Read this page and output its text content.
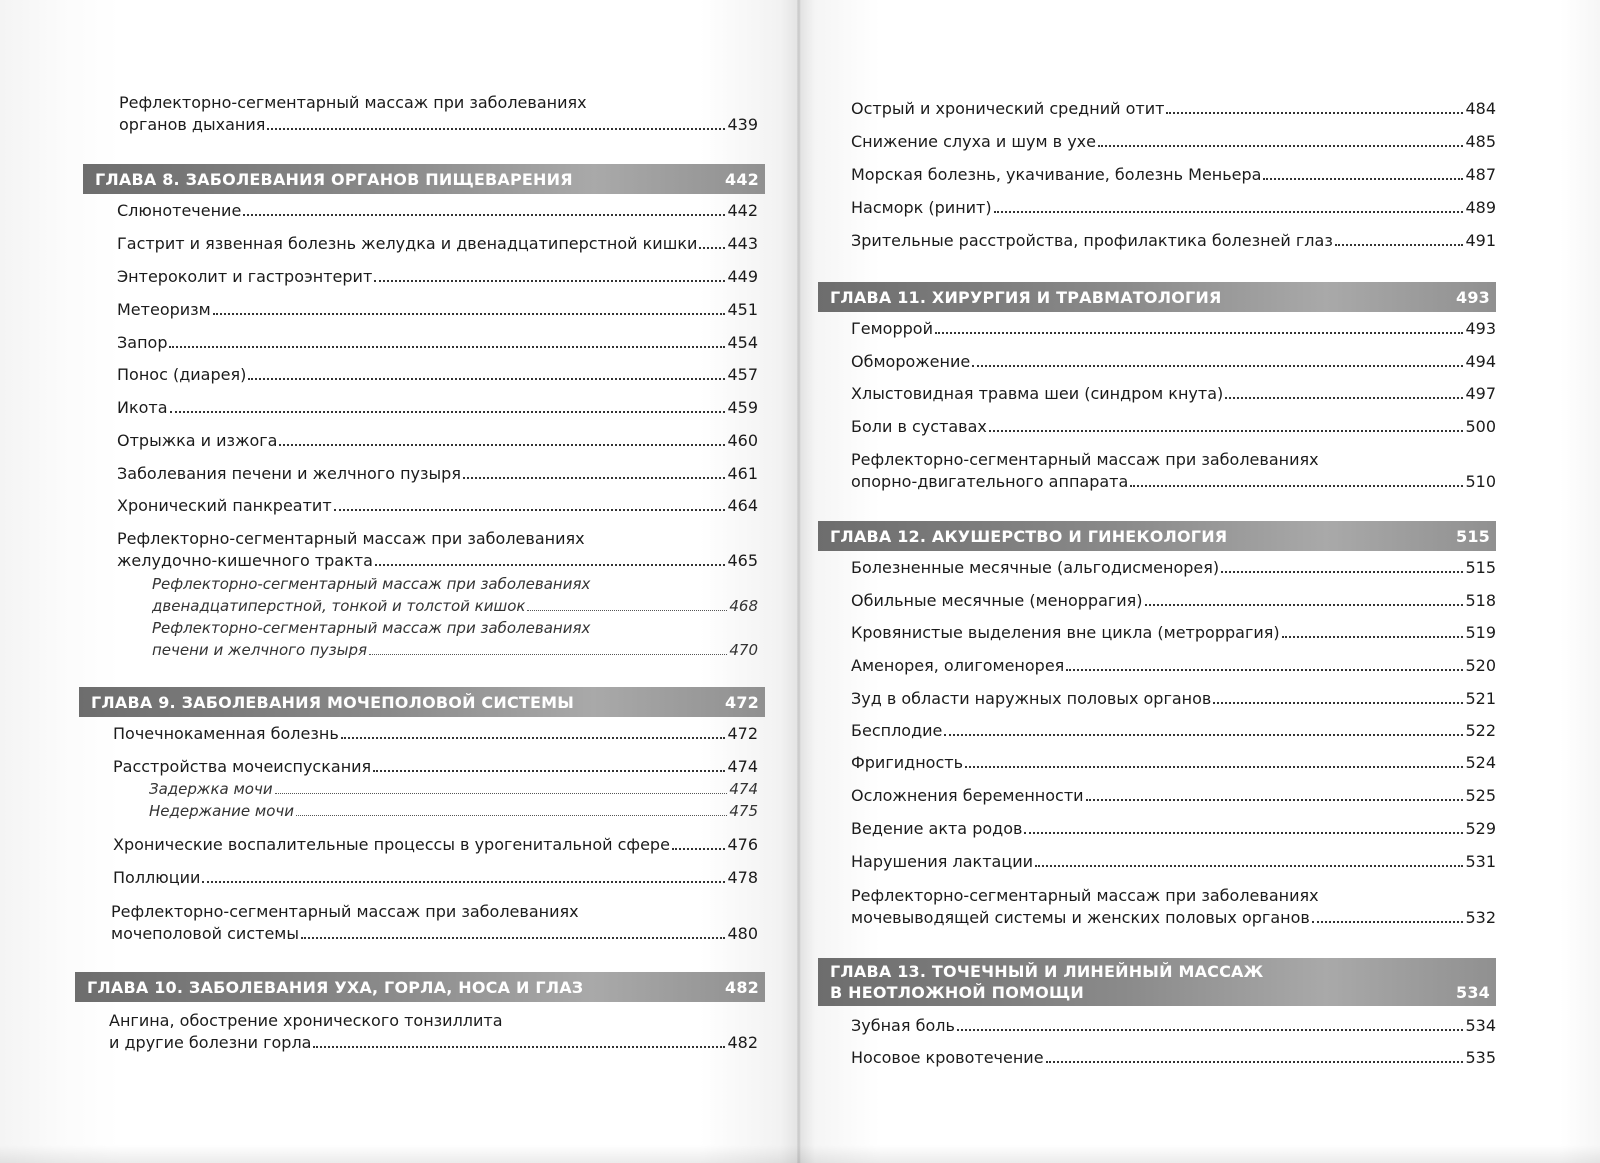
Рефлекторно-сегментарный массаж при заболеваниях
органов дыхания	439
ГЛАВА 8. ЗАБОЛЕВАНИЯ ОРГАНОВ ПИЩЕВАРЕНИЯ	442
Слюнотечение	442
Гастрит и язвенная болезнь желудка и двенадцатиперстной кишки 443
Энтероколит и гастроэнтерит	449
Метеоризм	451
Запор	454
Понос (диарея)	457
Икота	459
Отрыжка и изжога	460
Заболевания печени и желчного пузыря	461
Хронический панкреатит	464
Рефлекторно-сегментарный массаж при заболеваниях
желудочно-кишечного тракта	465
Рефлекторно-сегментарный массаж при заболеваниях
двенадцатиперстной, тонкой и толстой кишок	468
Рефлекторно-сегментарный массаж при заболеваниях
печени и желчного пузыря	470
ГЛАВА 9. ЗАБОЛЕВАНИЯ МОЧЕПОЛОВОЙ СИСТЕМЫ	472
Почечнокаменная болезнь	472
Расстройства мочеиспускания	474
Задержка мочи	474
Недержание мочи	475
Хронические воспалительные процессы в урогенитальной сфере	476
Поллюции	478
Рефлекторно-сегментарный массаж при заболеваниях
мочеполовой системы	480
ГЛАВА 10. ЗАБОЛЕВАНИЯ УХА, ГОРЛА, НОСА И ГЛАЗ	482
Ангина, обострение хронического тонзиллита
и другие болезни горла	482
Острый и хронический средний отит	484
Снижение слуха и шум в ухе	485
Морская болезнь, укачивание, болезнь Меньера	487
Насморк (ринит)	489
Зрительные расстройства, профилактика болезней глаз	491
ГЛАВА 11. ХИРУРГИЯ И ТРАВМАТОЛОГИЯ	493
Геморрой	493
Обморожение	494
Хлыстовидная травма шеи (синдром кнута)	497
Боли в суставах	500
Рефлекторно-сегментарный массаж при заболеваниях
опорно-двигательного аппарата	510
ГЛАВА 12. АКУШЕРСТВО И ГИНЕКОЛОГИЯ	515
Болезненные месячные (альгодисменорея)	515
Обильные месячные (меноррагия)	518
Кровянистые выделения вне цикла (метроррагия)	519
Аменорея, олигоменорея	520
Зуд в области наружных половых органов	521
Бесплодие	522
Фригидность	524
Осложнения беременности	525
Ведение акта родов	529
Нарушения лактации	531
Рефлекторно-сегментарный массаж при заболеваниях
мочевыводящей системы и женских половых органов	532
ГЛАВА 13. ТОЧЕЧНЫЙ И ЛИНЕЙНЫЙ МАССАЖ
В НЕОТЛОЖНОЙ ПОМОЩИ	534
Зубная боль	534
Носовое кровотечение	535
